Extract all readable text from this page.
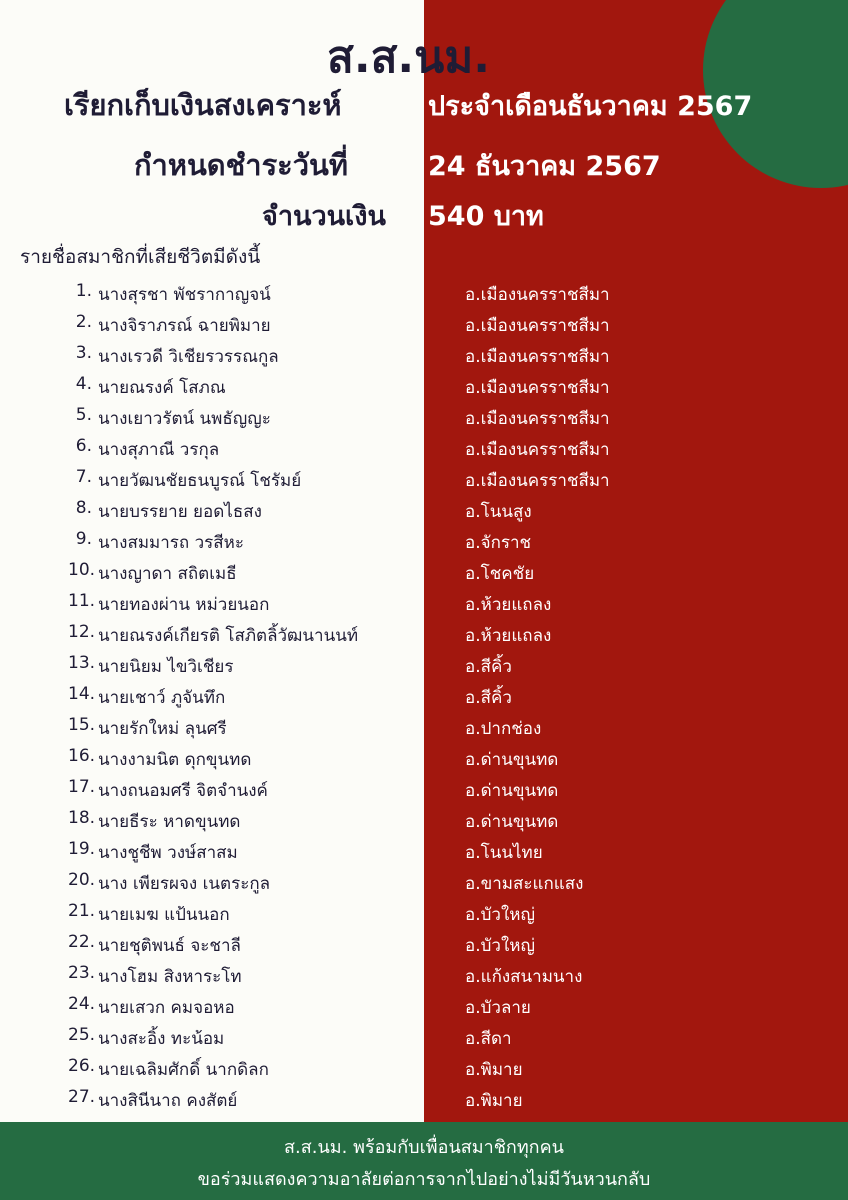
ส.ส.นม.
เรียกเก็บเงินสงเคราะห์	ประจำเดือนธันวาคม 2567
กำหนดชำระวันที่	24 ธันวาคม 2567
จำนวนเงิน 540 บาท
รายชื่อสมาชิกที่เสียชีวิตมีดังนี้
1. นางสุรชา พัชรากาญจน์	อ.เมืองนครราชสีมา
2. นางจิราภรณ์ ฉายพิมาย	อ.เมืองนครราชสีมา
3. นางเรวดี วิเชียรวรรณกูล	อ.เมืองนครราชสีมา
4. นายณรงค์ โสภณ	อ.เมืองนครราชสีมา
5. นางเยาวรัตน์ นพธัญญะ	อ.เมืองนครราชสีมา
6. นางสุภาณี วรกุล	อ.เมืองนครราชสีมา
7. นายวัฒนชัยธนบูรณ์ โชรัมย์	อ.เมืองนครราชสีมา
8. นายบรรยาย ยอดไธสง	อ.โนนสูง
9. นางสมมารถ วรสีหะ	อ.จักราช
10. นางญาดา สถิตเมธี	อ.โชคชัย
11. นายทองผ่าน หม่วยนอก	อ.ห้วยแถลง
12. นายณรงค์เกียรติ โสภิตลิ้วัฒนานนท์	อ.ห้วยแถลง
13. นายนิยม ไขวิเชียร	อ.สีคิ้ว
14. นายเชาว์ ภูจันทึก	อ.สีคิ้ว
15. นายรักใหม่ ลุนศรี	อ.ปากช่อง
16. นางงามนิต ดุกขุนทด	อ.ด่านขุนทด
17. นางถนอมศรี จิตจำนงค์	อ.ด่านขุนทด
18. นายธีระ หาดขุนทด	อ.ด่านขุนทด
19. นางชูชีพ วงษ์สาสม	อ.โนนไทย
20. นาง เพียรผจง เนตระกูล	อ.ขามสะแกแสง
21. นายเมฆ แป้นนอก	อ.บัวใหญ่
22. นายชุติพนธ์ จะชาลี	อ.บัวใหญ่
23. นางโฮม สิงหาระโท	อ.แก้งสนามนาง
24. นายเสวก คมจอหอ	อ.บัวลาย
25. นางสะอิ้ง ทะน้อม	อ.สีดา
26. นายเฉลิมศักดิ์ นากดิลก	อ.พิมาย
27. นางสินีนาถ คงสัตย์	อ.พิมาย
ส.ส.นม. พร้อมกับเพื่อนสมาชิกทุกคน
ขอร่วมแสดงความอาลัยต่อการจากไปอย่างไม่มีวันหวนกลับ
